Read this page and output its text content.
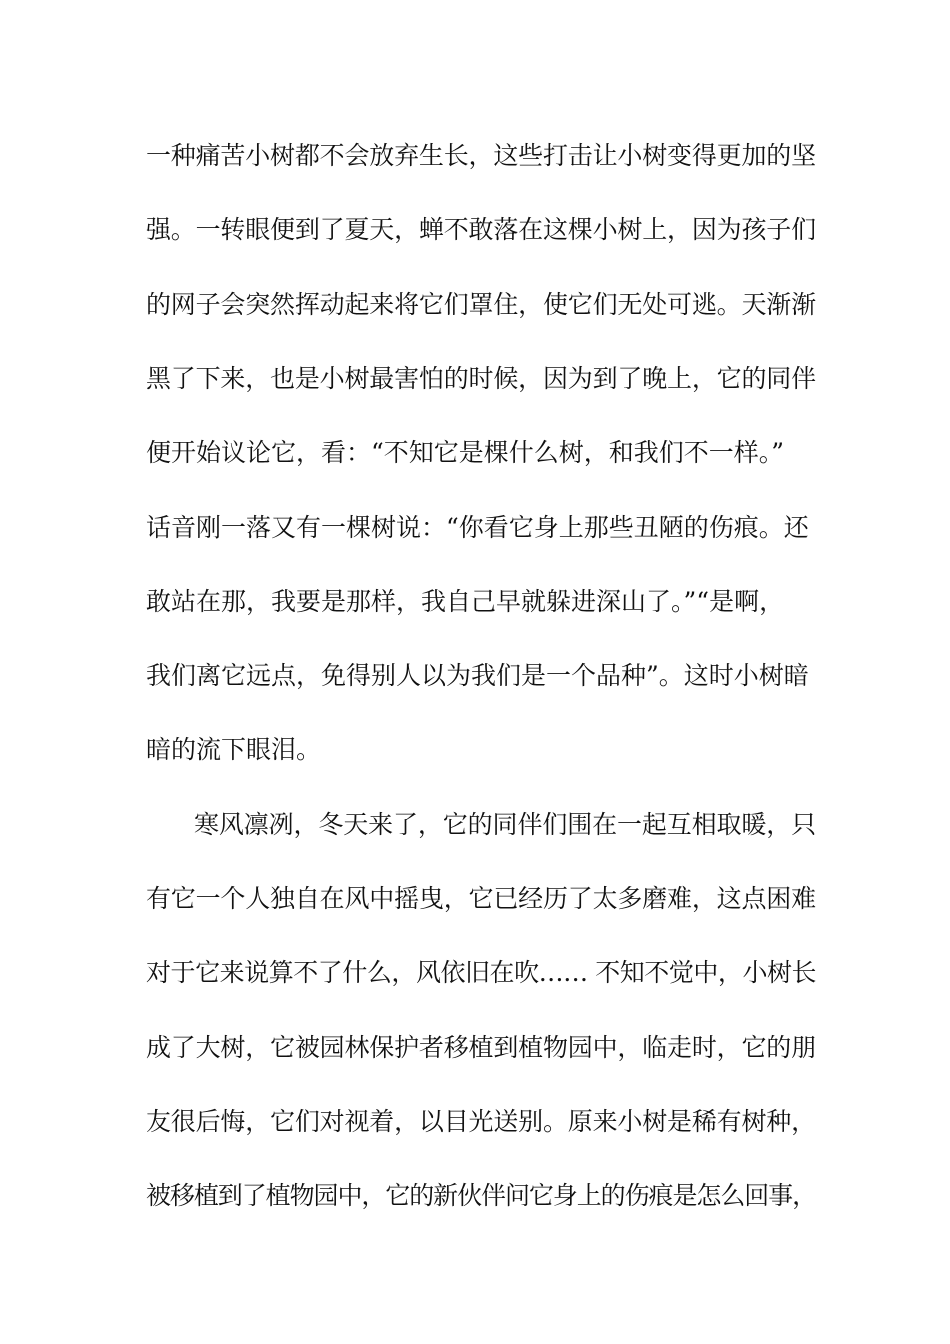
一种痛苦小树都不会放弃生长，这些打击让小树变得更加的坚
强。一转眼便到了夏天，蝉不敢落在这棵小树上，因为孩子们
的网子会突然挥动起来将它们罩住，使它们无处可逃。天渐渐
黑了下来，也是小树最害怕的时候，因为到了晚上，它的同伴
便开始议论它，看：“不知它是棵什么树，和我们不一样。”
话音刚一落又有一棵树说：“你看它身上那些丑陋的伤痕。还
敢站在那，我要是那样，我自己早就躲进深山了。”“是啊，
我们离它远点，免得别人以为我们是一个品种”。这时小树暗
暗的流下眼泪。
寒风凛冽，冬天来了，它的同伴们围在一起互相取暖，只
有它一个人独自在风中摇曳，它已经历了太多磨难，这点困难
对于它来说算不了什么，风依旧在吹…… 不知不觉中，小树长
成了大树，它被园林保护者移植到植物园中，临走时，它的朋
友很后悔，它们对视着，以目光送别。原来小树是稀有树种，
被移植到了植物园中，它的新伙伴问它身上的伤痕是怎么回事，
